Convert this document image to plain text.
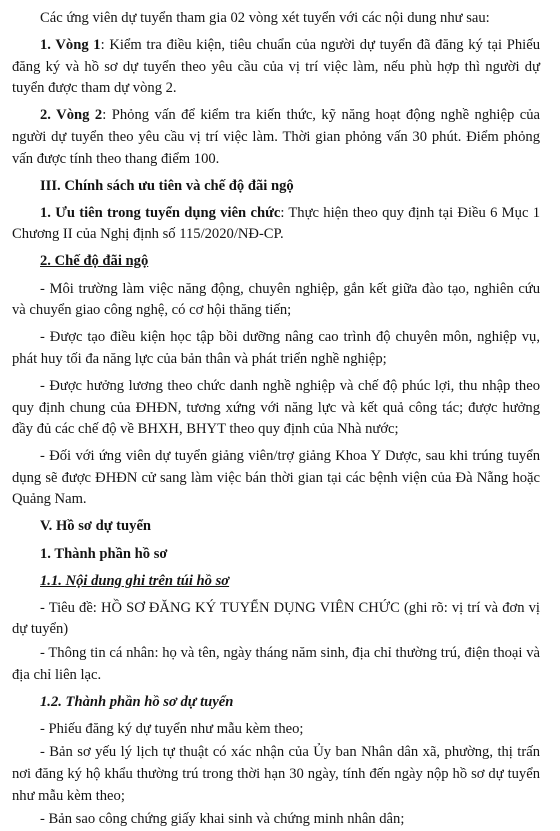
Các ứng viên dự tuyển tham gia 02 vòng xét tuyển với các nội dung như sau:

1. Vòng 1: Kiểm tra điều kiện, tiêu chuẩn của người dự tuyển đã đăng ký tại Phiếu đăng ký và hồ sơ dự tuyển theo yêu cầu của vị trí việc làm, nếu phù hợp thì người dự tuyển được tham dự vòng 2.

2. Vòng 2: Phỏng vấn để kiểm tra kiến thức, kỹ năng hoạt động nghề nghiệp của người dự tuyển theo yêu cầu vị trí việc làm. Thời gian phỏng vấn 30 phút. Điểm phỏng vấn được tính theo thang điểm 100.

III. Chính sách ưu tiên và chế độ đãi ngộ

1. Ưu tiên trong tuyển dụng viên chức: Thực hiện theo quy định tại Điều 6 Mục 1 Chương II của Nghị định số 115/2020/NĐ-CP.

2. Chế độ đãi ngộ

- Môi trường làm việc năng động, chuyên nghiệp, gắn kết giữa đào tạo, nghiên cứu và chuyển giao công nghệ, có cơ hội thăng tiến;

- Được tạo điều kiện học tập bồi dưỡng nâng cao trình độ chuyên môn, nghiệp vụ, phát huy tối đa năng lực của bản thân và phát triển nghề nghiệp;

- Được hưởng lương theo chức danh nghề nghiệp và chế độ phúc lợi, thu nhập theo quy định chung của ĐHĐN, tương xứng với năng lực và kết quả công tác; được hưởng đầy đủ các chế độ về BHXH, BHYT theo quy định của Nhà nước;

- Đối với ứng viên dự tuyển giảng viên/trợ giảng Khoa Y Dược, sau khi trúng tuyển dụng sẽ được ĐHĐN cử sang làm việc bán thời gian tại các bệnh viện của Đà Nẵng hoặc Quảng Nam.

V. Hồ sơ dự tuyển

1. Thành phần hồ sơ

1.1. Nội dung ghi trên túi hồ sơ

- Tiêu đề: HỒ SƠ ĐĂNG KÝ TUYỂN DỤNG VIÊN CHỨC (ghi rõ: vị trí và đơn vị dự tuyển)

- Thông tin cá nhân: họ và tên, ngày tháng năm sinh, địa chỉ thường trú, điện thoại và địa chỉ liên lạc.

1.2. Thành phần hồ sơ dự tuyển

- Phiếu đăng ký dự tuyển như mẫu kèm theo;

- Bản sơ yếu lý lịch tự thuật có xác nhận của Ủy ban Nhân dân xã, phường, thị trấn nơi đăng ký hộ khẩu thường trú trong thời hạn 30 ngày, tính đến ngày nộp hồ sơ dự tuyển như mẫu kèm theo;

- Bản sao công chứng giấy khai sinh và chứng minh nhân dân;
